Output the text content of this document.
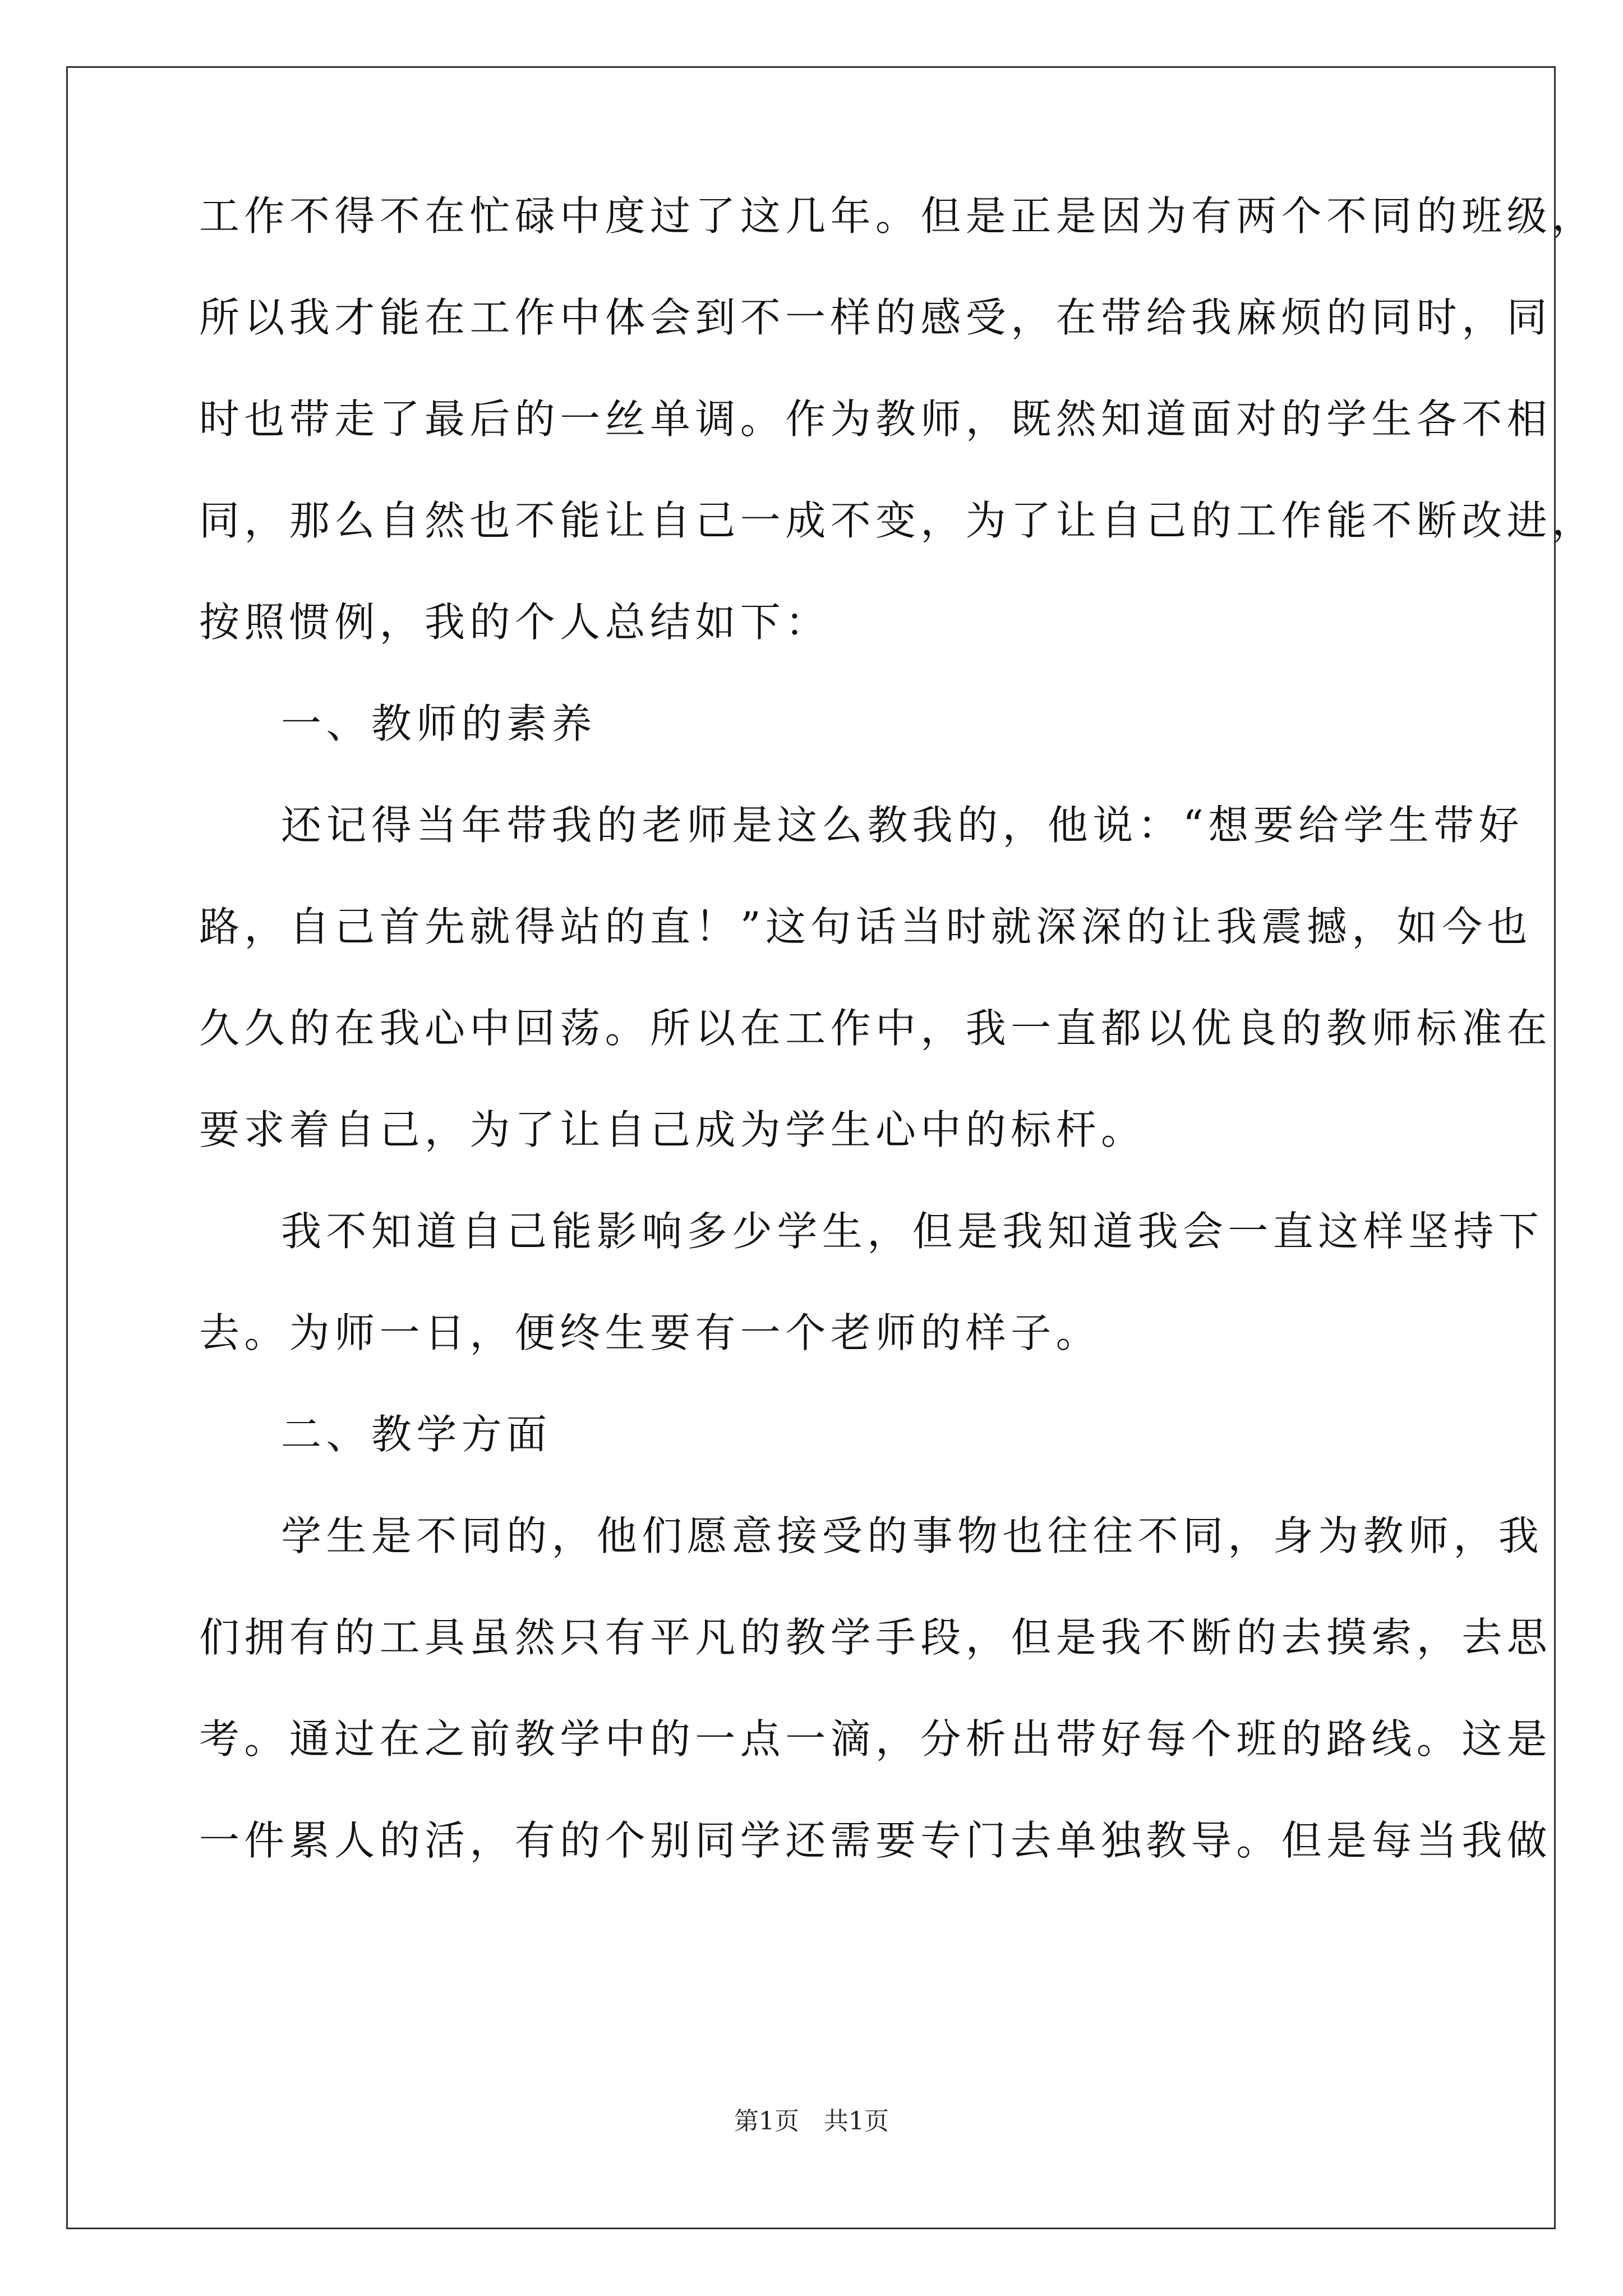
工作不得不在忙碌中度过了这几年。但是正是因为有两个不同的班级，
所以我才能在工作中体会到不一样的感受，在带给我麻烦的同时，同
时也带走了最后的一丝单调。作为教师，既然知道面对的学生各不相
同，那么自然也不能让自己一成不变，为了让自己的工作能不断改进，
按照惯例，我的个人总结如下：
一、教师的素养
还记得当年带我的老师是这么教我的，他说：“想要给学生带好
路，自己首先就得站的直！”这句话当时就深深的让我震撼，如今也
久久的在我心中回荡。所以在工作中，我一直都以优良的教师标准在
要求着自己，为了让自己成为学生心中的标杆。
我不知道自己能影响多少学生，但是我知道我会一直这样坚持下
去。为师一日，便终生要有一个老师的样子。
二、教学方面
学生是不同的，他们愿意接受的事物也往往不同，身为教师，我
们拥有的工具虽然只有平凡的教学手段，但是我不断的去摸索，去思
考。通过在之前教学中的一点一滴，分析出带好每个班的路线。这是
一件累人的活，有的个别同学还需要专门去单独教导。但是每当我做
第1页　共1页
